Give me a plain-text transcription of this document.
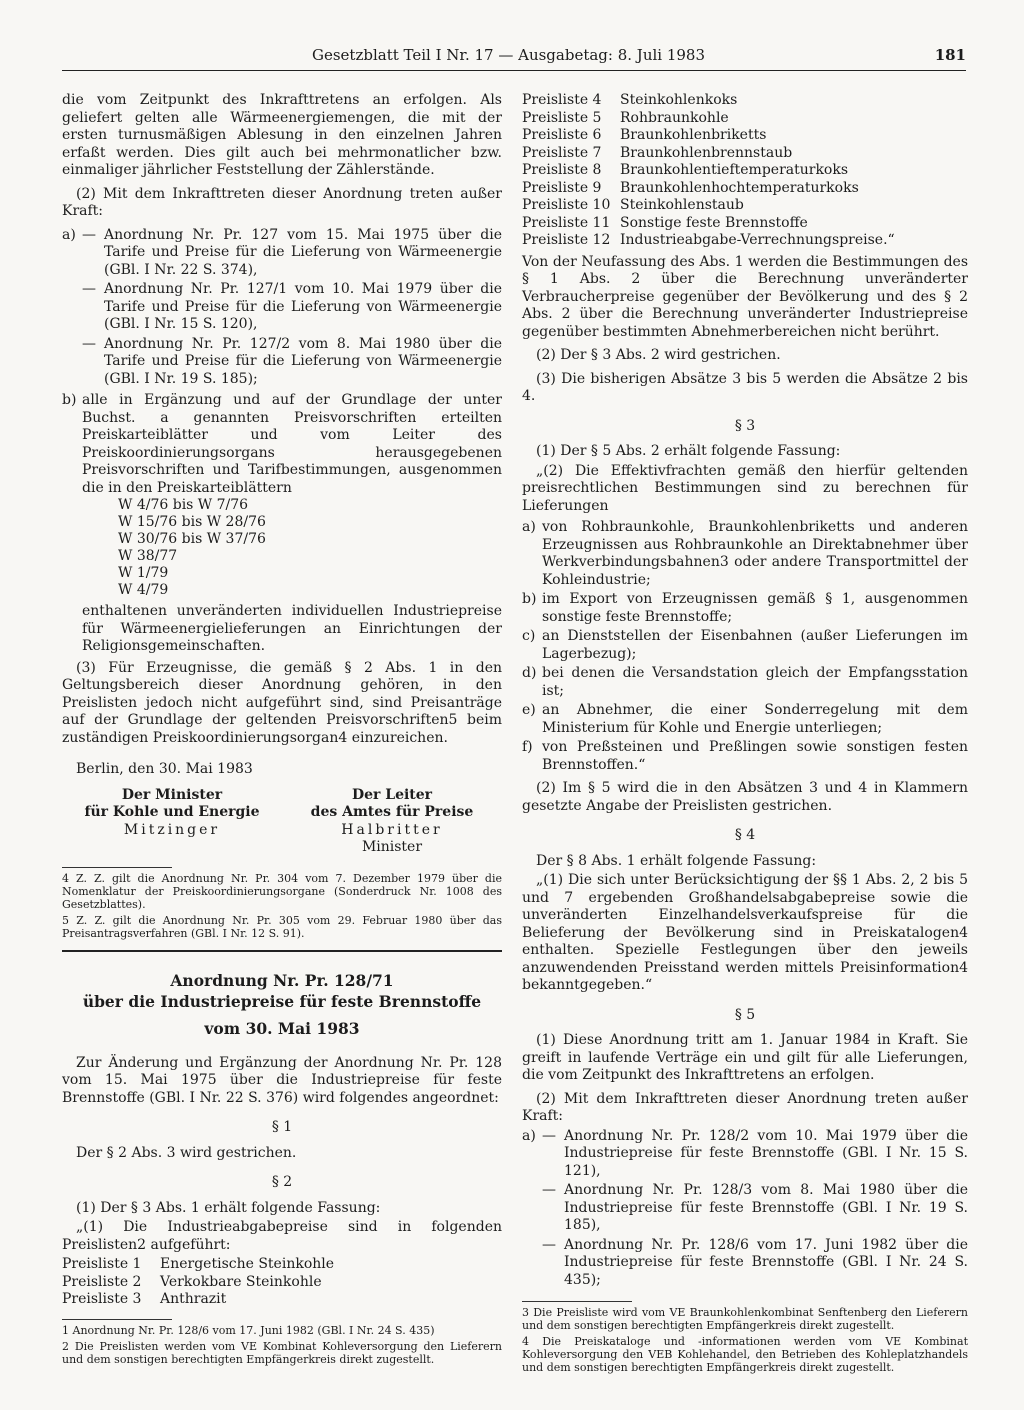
Gesetzblatt Teil I Nr. 17 — Ausgabetag: 8. Juli 1983	181

die vom Zeitpunkt des Inkrafttretens an erfolgen. Als geliefert gelten alle Wärmeenergiemengen, die mit der ersten turnusmäßigen Ablesung in den einzelnen Jahren erfaßt werden. Dies gilt auch bei mehrmonatlicher bzw. einmaliger jährlicher Feststellung der Zählerstände.

(2) Mit dem Inkrafttreten dieser Anordnung treten außer Kraft:

a) — Anordnung Nr. Pr. 127 vom 15. Mai 1975 über die Tarife und Preise für die Lieferung von Wärmeenergie (GBl. I Nr. 22 S. 374),
— Anordnung Nr. Pr. 127/1 vom 10. Mai 1979 über die Tarife und Preise für die Lieferung von Wärmeenergie (GBl. I Nr. 15 S. 120),
— Anordnung Nr. Pr. 127/2 vom 8. Mai 1980 über die Tarife und Preise für die Lieferung von Wärmeenergie (GBl. I Nr. 19 S. 185);
b) alle in Ergänzung und auf der Grundlage der unter Buchst. a genannten Preisvorschriften erteilten Preiskarteiblätter und vom Leiter des Preiskoordinierungsorgans herausgegebenen Preisvorschriften und Tarifbestimmungen, ausgenommen die in den Preiskarteiblättern
W 4/76 bis W 7/76
W 15/76 bis W 28/76
W 30/76 bis W 37/76
W 38/77
W 1/79
W 4/79
enthaltenen unveränderten individuellen Industriepreise für Wärmeenergielieferungen an Einrichtungen der Religionsgemeinschaften.

(3) Für Erzeugnisse, die gemäß § 2 Abs. 1 in den Geltungsbereich dieser Anordnung gehören, in den Preislisten jedoch nicht aufgeführt sind, sind Preisanträge auf der Grundlage der geltenden Preisvorschriften5 beim zuständigen Preiskoordinierungsorgan4 einzureichen.

Berlin, den 30. Mai 1983

Der Minister
für Kohle und Energie
Mitzinger
Der Leiter
des Amtes für Preise
Halbritter
Minister

4 Z. Z. gilt die Anordnung Nr. Pr. 304 vom 7. Dezember 1979 über die Nomenklatur der Preiskoordinierungsorgane (Sonderdruck Nr. 1008 des Gesetzblattes).

5 Z. Z. gilt die Anordnung Nr. Pr. 305 vom 29. Februar 1980 über das Preisantragsverfahren (GBl. I Nr. 12 S. 91).

Anordnung Nr. Pr. 128/71
über die Industriepreise für feste Brennstoffe
vom 30. Mai 1983

Zur Änderung und Ergänzung der Anordnung Nr. Pr. 128 vom 15. Mai 1975 über die Industriepreise für feste Brennstoffe (GBl. I Nr. 22 S. 376) wird folgendes angeordnet:

§ 1

Der § 2 Abs. 3 wird gestrichen.

§ 2

(1) Der § 3 Abs. 1 erhält folgende Fassung:

„(1) Die Industrieabgabepreise sind in folgenden Preislisten2 aufgeführt:

Preisliste 1	Energetische Steinkohle
Preisliste 2	Verkokbare Steinkohle
Preisliste 3	Anthrazit

1 Anordnung Nr. Pr. 128/6 vom 17. Juni 1982 (GBl. I Nr. 24 S. 435)

2 Die Preislisten werden vom VE Kombinat Kohleversorgung den Lieferern und dem sonstigen berechtigten Empfängerkreis direkt zugestellt.

Preisliste 4	Steinkohlenkoks
Preisliste 5	Rohbraunkohle
Preisliste 6	Braunkohlenbriketts
Preisliste 7	Braunkohlenbrennstaub
Preisliste 8	Braunkohlentieftemperaturkoks
Preisliste 9	Braunkohlenhochtemperaturkoks
Preisliste 10 Steinkohlenstaub
Preisliste 11 Sonstige feste Brennstoffe
Preisliste 12 Industrieabgabe-Verrechnungspreise.“

Von der Neufassung des Abs. 1 werden die Bestimmungen des § 1 Abs. 2 über die Berechnung unveränderter Verbraucherpreise gegenüber der Bevölkerung und des § 2 Abs. 2 über die Berechnung unveränderter Industriepreise gegenüber bestimmten Abnehmerbereichen nicht berührt.

(2) Der § 3 Abs. 2 wird gestrichen.

(3) Die bisherigen Absätze 3 bis 5 werden die Absätze 2 bis 4.

§ 3

(1) Der § 5 Abs. 2 erhält folgende Fassung:

„(2) Die Effektivfrachten gemäß den hierfür geltenden preisrechtlichen Bestimmungen sind zu berechnen für Lieferungen

a) von Rohbraunkohle, Braunkohlenbriketts und anderen Erzeugnissen aus Rohbraunkohle an Direktabnehmer über Werkverbindungsbahnen3 oder andere Transportmittel der Kohleindustrie;
b) im Export von Erzeugnissen gemäß § 1, ausgenommen sonstige feste Brennstoffe;
c) an Dienststellen der Eisenbahnen (außer Lieferungen im Lagerbezug);
d) bei denen die Versandstation gleich der Empfangsstation ist;
e) an Abnehmer, die einer Sonderregelung mit dem Ministerium für Kohle und Energie unterliegen;
f) von Preßsteinen und Preßlingen sowie sonstigen festen Brennstoffen.“

(2) Im § 5 wird die in den Absätzen 3 und 4 in Klammern gesetzte Angabe der Preislisten gestrichen.

§ 4

Der § 8 Abs. 1 erhält folgende Fassung:

„(1) Die sich unter Berücksichtigung der §§ 1 Abs. 2, 2 bis 5 und 7 ergebenden Großhandelsabgabepreise sowie die unveränderten Einzelhandelsverkaufspreise für die Belieferung der Bevölkerung sind in Preiskatalogen4 enthalten. Spezielle Festlegungen über den jeweils anzuwendenden Preisstand werden mittels Preisinformation4 bekanntgegeben.“

§ 5

(1) Diese Anordnung tritt am 1. Januar 1984 in Kraft. Sie greift in laufende Verträge ein und gilt für alle Lieferungen, die vom Zeitpunkt des Inkrafttretens an erfolgen.

(2) Mit dem Inkrafttreten dieser Anordnung treten außer Kraft:

a) — Anordnung Nr. Pr. 128/2 vom 10. Mai 1979 über die Industriepreise für feste Brennstoffe (GBl. I Nr. 15 S. 121),
— Anordnung Nr. Pr. 128/3 vom 8. Mai 1980 über die Industriepreise für feste Brennstoffe (GBl. I Nr. 19 S. 185),
— Anordnung Nr. Pr. 128/6 vom 17. Juni 1982 über die Industriepreise für feste Brennstoffe (GBl. I Nr. 24 S. 435);

3 Die Preisliste wird vom VE Braunkohlenkombinat Senftenberg den Lieferern und dem sonstigen berechtigten Empfängerkreis direkt zugestellt.

4 Die Preiskataloge und -informationen werden vom VE Kombinat Kohleversorgung den VEB Kohlehandel, den Betrieben des Kohleplatzhandels und dem sonstigen berechtigten Empfängerkreis direkt zugestellt.
